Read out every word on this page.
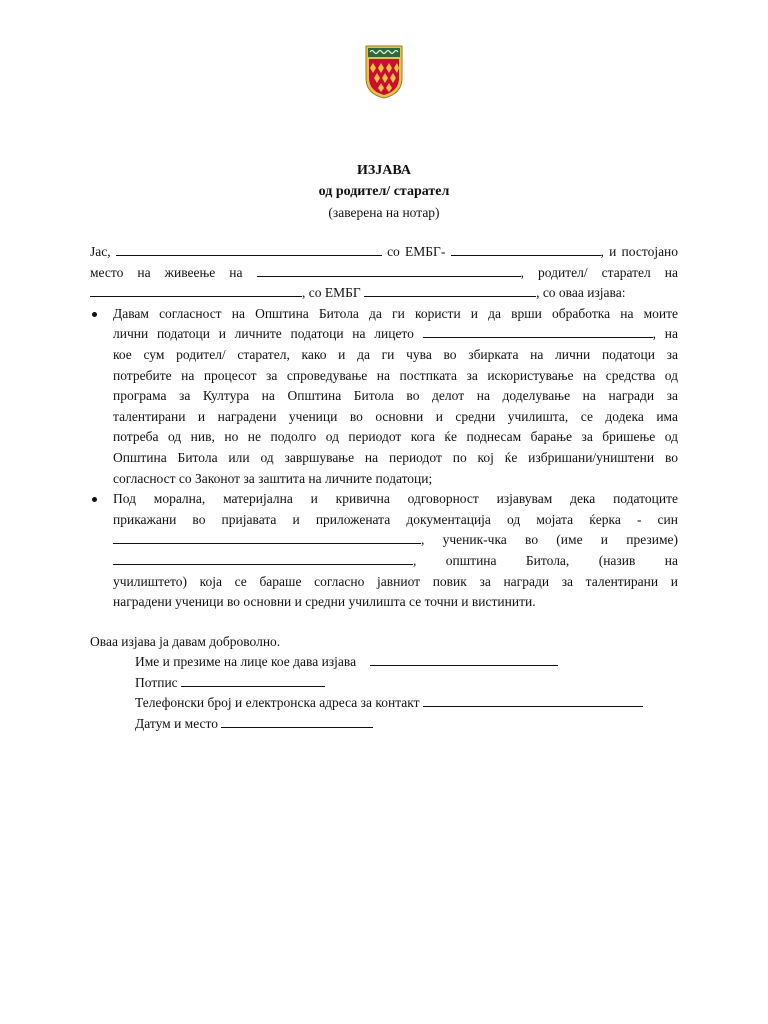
ИЗЈАВА
од родител/ старател
(заверена на нотар)
Јас,	со ЕМБГ-	, и постојано
место на живеење на	, родител/ старател на
, со ЕМБГ	, со оваа изјава:
Давам согласност на Општина Битола да ги користи и да врши обработка на моите
лични податоци и личните податоци на лицето	, на
кое сум родител/ старател, како и да ги чува во збирката на лични податоци за
потребите на процесот за спроведување на постпката за искористување на средства од
програма за Култура на Општина Битола во делот на доделување на награди за
талентирани и наградени ученици во основни и средни училишта, се додека има
потреба од нив, но не подолго од периодот кога ќе поднесам барање за бришење од
Општина Битола или од завршување на периодот по кој ќе избришани/уништени во
согласност со Законот за заштита на личните податоци;
Под морална, материјална и кривична одговорност изјавувам дека податоците
прикажани во пријавата и приложената документација од мојата ќерка - син
, ученик-чка во (име и презиме)
, општина Битола, (назив на
училиштето) која се бараше согласно јавниот повик за награди за талентирани и
наградени ученици во основни и средни училишта се точни и вистинити.
Оваа изјава ја давам доброволно.
Име и презиме на лице кое дава изјава
Потпис
Телефонски број и електронска адреса за контакт
Датум и место
